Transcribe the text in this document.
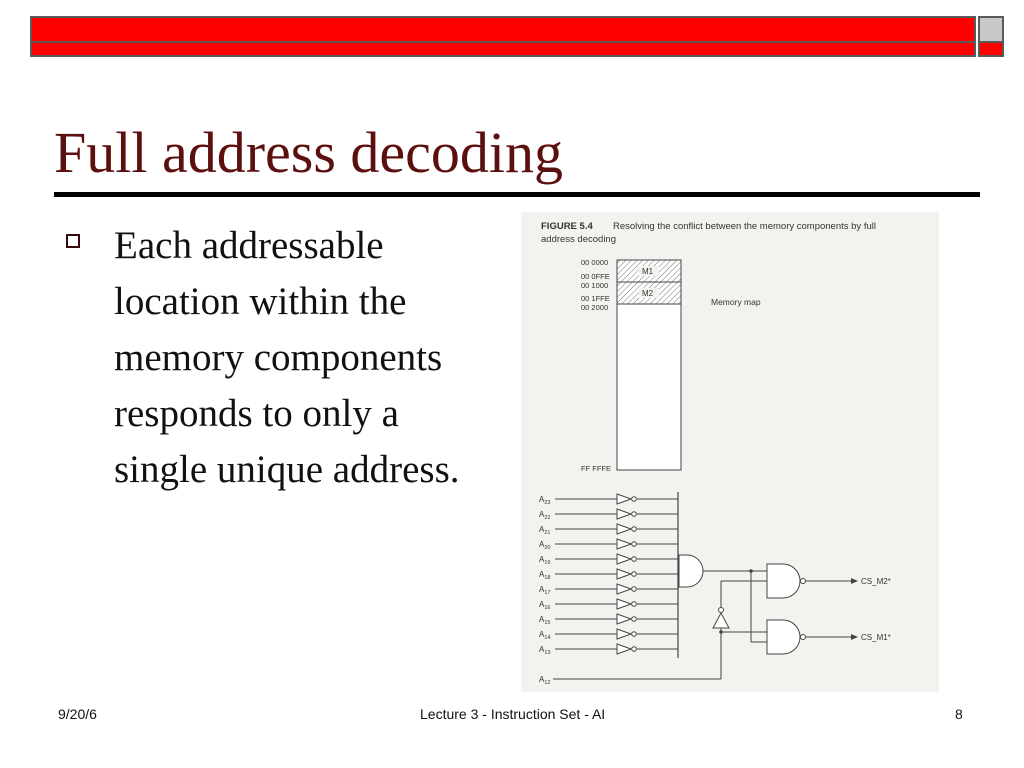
Full address decoding
Each addressable location within the memory components responds to only a single unique address.
FIGURE 5.4 Resolving the conflict between the memory components by full
address decoding
M1
M2
Memory map
00 0000
00 0FFE
00 1000
00 1FFE
00 2000
FF FFFE
$A_{23}$
$A_{22}$
$A_{21}$
$A_{20}$
$A_{19}$
$A_{18}$
$A_{17}$
$A_{16}$
$A_{15}$
$A_{14}$
$A_{13}$
$A_{12}$
CS_M2*
CS_M1*
9/20/6	Lecture 3 - Instruction Set - AI	8
